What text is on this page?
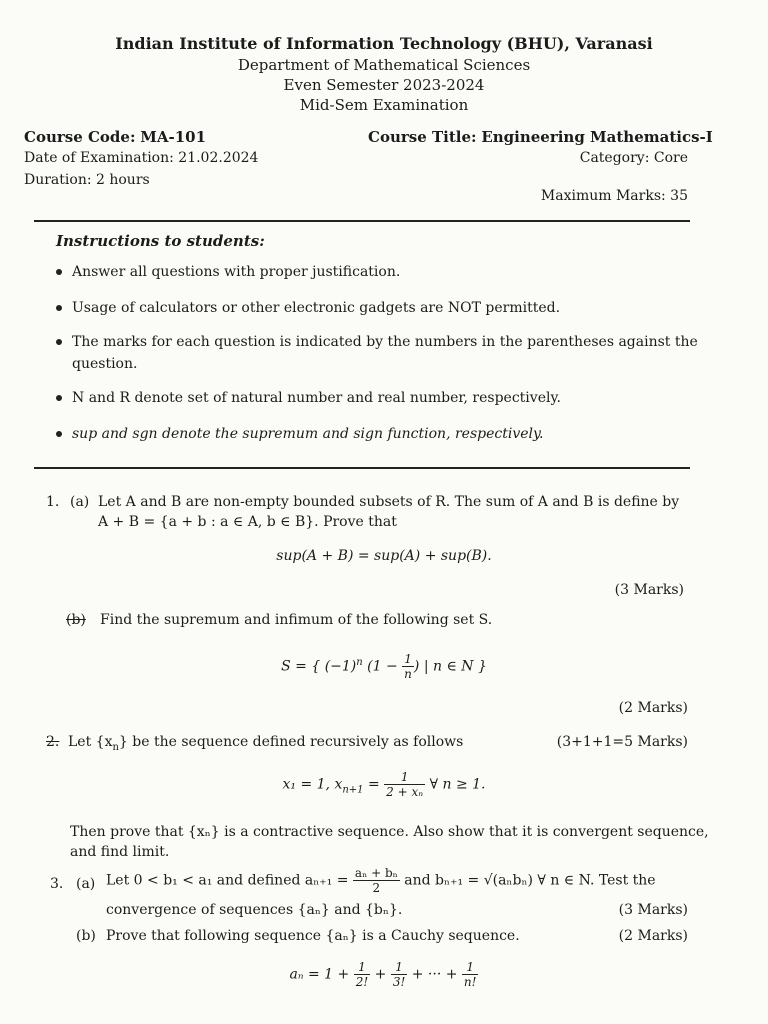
Indian Institute of Information Technology (BHU), Varanasi
Department of Mathematical Sciences
Even Semester 2023-2024
Mid-Sem Examination
Course Code: MA-101	Course Title: Engineering Mathematics-I
Date of Examination: 21.02.2024	Category: Core
Duration: 2 hours
Maximum Marks: 35
Instructions to students:
Answer all questions with proper justification.
Usage of calculators or other electronic gadgets are NOT permitted.
The marks for each question is indicated by the numbers in the parentheses against the
question.
N and R denote set of natural number and real number, respectively.
sup and sgn denote the supremum and sign function, respectively.
1. (a) Let A and B are non-empty bounded subsets of R. The sum of A and B is define by
A + B = {a + b : a ∈ A, b ∈ B}. Prove that
sup(A + B) = sup(A) + sup(B).
(3 Marks)
(b) Find the supremum and infimum of the following set S.
S = { $(-1)^n$ ($1 - \frac{1}{n}$ ) | n ∈ N }
(2 Marks)
2. Let $\{x_n\}$ be the sequence defined recursively as follows	(3+1+1=5 Marks)
x₁ = 1, $x_{n+1} = \frac{1}{\text{2 + xₙ}}$ ∀ n ≥ 1.
Then prove that {xₙ} is a contractive sequence. Also show that it is convergent sequence,
and find limit.
3. (a) Let 0 < b₁ < a₁ and defined $a_{n+1} = \frac{\text{aₙ + bₙ}}{2}$ and bₙ₊₁ = √(aₙbₙ) ∀ n ∈ N. Test the
convergence of sequences {aₙ} and {bₙ}.	(3 Marks)
(b) Prove that following sequence {aₙ} is a Cauchy sequence.	(2 Marks)
$a_n = 1 + \frac{1}{2!} + \frac{1}{3!}$ + ··· + $\frac{1}{n!}$
